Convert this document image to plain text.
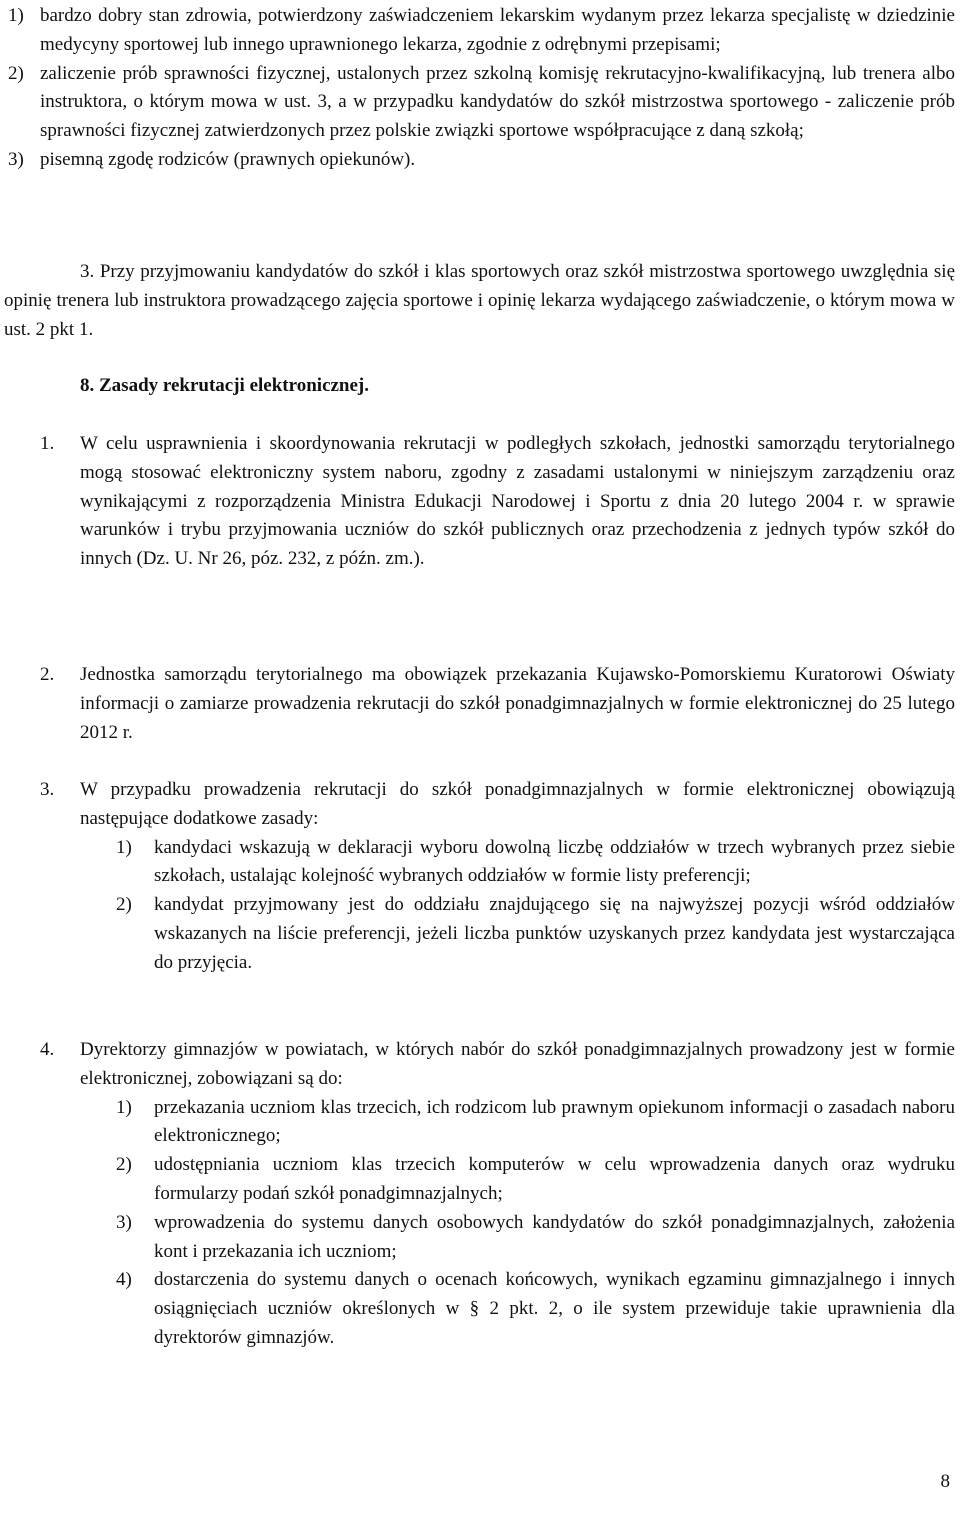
1) bardzo dobry stan zdrowia, potwierdzony zaświadczeniem lekarskim wydanym przez lekarza specjalistę w dziedzinie medycyny sportowej lub innego uprawnionego lekarza, zgodnie z odrębnymi przepisami;
2) zaliczenie prób sprawności fizycznej, ustalonych przez szkolną komisję rekrutacyjno-kwalifikacyjną, lub trenera albo instruktora, o którym mowa w ust. 3, a w przypadku kandydatów do szkół mistrzostwa sportowego - zaliczenie prób sprawności fizycznej zatwierdzonych przez polskie związki sportowe współpracujące z daną szkołą;
3) pisemną zgodę rodziców (prawnych opiekunów).
3. Przy przyjmowaniu kandydatów do szkół i klas sportowych oraz szkół mistrzostwa sportowego uwzględnia się opinię trenera lub instruktora prowadzącego zajęcia sportowe i opinię lekarza wydającego zaświadczenie, o którym mowa w ust. 2 pkt 1.
8. Zasady rekrutacji elektronicznej.
1. W celu usprawnienia i skoordynowania rekrutacji w podległych szkołach, jednostki samorządu terytorialnego mogą stosować elektroniczny system naboru, zgodny z zasadami ustalonymi w niniejszym zarządzeniu oraz wynikającymi z rozporządzenia Ministra Edukacji Narodowej i Sportu z dnia 20 lutego 2004 r. w sprawie warunków i trybu przyjmowania uczniów do szkół publicznych oraz przechodzenia z jednych typów szkół do innych (Dz. U. Nr 26, póz. 232, z późn. zm.).
2. Jednostka samorządu terytorialnego ma obowiązek przekazania Kujawsko-Pomorskiemu Kuratorowi Oświaty informacji o zamiarze prowadzenia rekrutacji do szkół ponadgimnazjalnych w formie elektronicznej do 25 lutego 2012 r.
3. W przypadku prowadzenia rekrutacji do szkół ponadgimnazjalnych w formie elektronicznej obowiązują następujące dodatkowe zasady:
1) kandydaci wskazują w deklaracji wyboru dowolną liczbę oddziałów w trzech wybranych przez siebie szkołach, ustalając kolejność wybranych oddziałów w formie listy preferencji;
2) kandydat przyjmowany jest do oddziału znajdującego się na najwyższej pozycji wśród oddziałów wskazanych na liście preferencji, jeżeli liczba punktów uzyskanych przez kandydata jest wystarczająca do przyjęcia.
4. Dyrektorzy gimnazjów w powiatach, w których nabór do szkół ponadgimnazjalnych prowadzony jest w formie elektronicznej, zobowiązani są do:
1) przekazania uczniom klas trzecich, ich rodzicom lub prawnym opiekunom informacji o zasadach naboru elektronicznego;
2) udostępniania uczniom klas trzecich komputerów w celu wprowadzenia danych oraz wydruku formularzy podań szkół ponadgimnazjalnych;
3) wprowadzenia do systemu danych osobowych kandydatów do szkół ponadgimnazjalnych, założenia kont i przekazania ich uczniom;
4) dostarczenia do systemu danych o ocenach końcowych, wynikach egzaminu gimnazjalnego i innych osiągnięciach uczniów określonych w § 2 pkt. 2, o ile system przewiduje takie uprawnienia dla dyrektorów gimnazjów.
8
